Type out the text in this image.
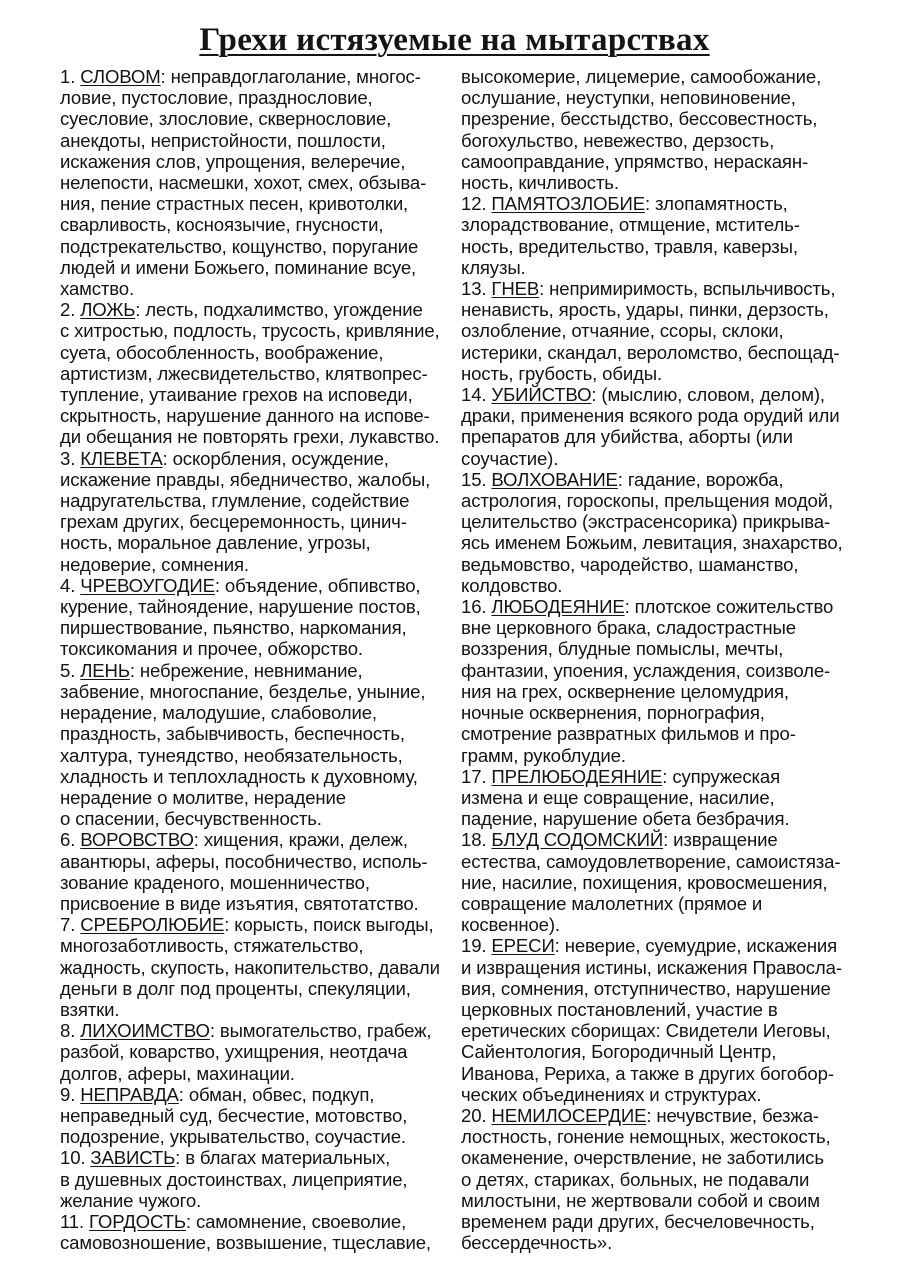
Грехи истязуемые на мытарствах
1. СЛОВОМ: неправдоглаголание, многос-
ловие, пустословие, празднословие,
суесловие, злословие, сквернословие,
анекдоты, непристойности, пошлости,
искажения слов, упрощения, велеречие,
нелепости, насмешки, хохот, смех, обзыва-
ния, пение страстных песен, кривотолки,
сварливость, косноязычие, гнусности,
подстрекательство, кощунство, поругание
людей и имени Божьего, поминание всуе,
хамство.
2. ЛОЖЬ: лесть, подхалимство, угождение
с хитростью, подлость, трусость, кривляние,
суета, обособленность, воображение,
артистизм, лжесвидетельство, клятвопрес-
тупление, утаивание грехов на исповеди,
скрытность, нарушение данного на испове-
ди обещания не повторять грехи, лукавство.
3. КЛЕВЕТА: оскорбления, осуждение,
искажение правды, ябедничество, жалобы,
надругательства, глумление, содействие
грехам других, бесцеремонность, цинич-
ность, моральное давление, угрозы,
недоверие, сомнения.
4. ЧРЕВОУГОДИЕ: объядение, обпивство,
курение, тайноядение, нарушение постов,
пиршествование, пьянство, наркомания,
токсикомания и прочее, обжорство.
5. ЛЕНЬ: небрежение, невнимание,
забвение, многоспание, безделье, уныние,
нерадение, малодушие, слабоволие,
праздность, забывчивость, беспечность,
халтура, тунеядство, необязательность,
хладность и теплохладность к духовному,
нерадение о молитве, нерадение
о спасении, бесчувственность.
6. ВОРОВСТВО: хищения, кражи, дележ,
авантюры, аферы, пособничество, исполь-
зование краденого, мошенничество,
присвоение в виде изъятия, святотатство.
7. СРЕБРОЛЮБИЕ: корысть, поиск выгоды,
многозаботливость, стяжательство,
жадность, скупость, накопительство, давали
деньги в долг под проценты, спекуляции,
взятки.
8. ЛИХОИМСТВО: вымогательство, грабеж,
разбой, коварство, ухищрения, неотдача
долгов, аферы, махинации.
9. НЕПРАВДА: обман, обвес, подкуп,
неправедный суд, бесчестие, мотовство,
подозрение, укрывательство, соучастие.
10. ЗАВИСТЬ: в благах материальных,
в душевных достоинствах, лицеприятие,
желание чужого.
11. ГОРДОСТЬ: самомнение, своеволие,
самовозношение, возвышение, тщеславие,
высокомерие, лицемерие, самообожание,
ослушание, неуступки, неповиновение,
презрение, бесстыдство, бессовестность,
богохульство, невежество, дерзость,
самооправдание, упрямство, нераскаян-
ность, кичливость.
12. ПАМЯТОЗЛОБИЕ: злопамятность,
злорадствование, отмщение, мститель-
ность, вредительство, травля, каверзы,
кляузы.
13. ГНЕВ: непримиримость, вспыльчивость,
ненависть, ярость, удары, пинки, дерзость,
озлобление, отчаяние, ссоры, склоки,
истерики, скандал, вероломство, беспощад-
ность, грубость, обиды.
14. УБИЙСТВО: (мыслию, словом, делом),
драки, применения всякого рода орудий или
препаратов для убийства, аборты (или
соучастие).
15. ВОЛХОВАНИЕ: гадание, ворожба,
астрология, гороскопы, прельщения модой,
целительство (экстрасенсорика) прикрыва-
ясь именем Божьим, левитация, знахарство,
ведьмовство, чародейство, шаманство,
колдовство.
16. ЛЮБОДЕЯНИЕ: плотское сожительство
вне церковного брака, сладострастные
воззрения, блудные помыслы, мечты,
фантазии, упоения, услаждения, соизволе-
ния на грех, осквернение целомудрия,
ночные осквернения, порнография,
смотрение развратных фильмов и про-
грамм, рукоблудие.
17. ПРЕЛЮБОДЕЯНИЕ: супружеская
измена и еще совращение, насилие,
падение, нарушение обета безбрачия.
18. БЛУД СОДОМСКИЙ: извращение
естества, самоудовлетворение, самоистяза-
ние, насилие, похищения, кровосмешения,
совращение малолетних (прямое и
косвенное).
19. ЕРЕСИ: неверие, суемудрие, искажения
и извращения истины, искажения Правосла-
вия, сомнения, отступничество, нарушение
церковных постановлений, участие в
еретических сборищах: Свидетели Иеговы,
Сайентология, Богородичный Центр,
Иванова, Рериха, а также в других богобор-
ческих объединениях и структурах.
20. НЕМИЛОСЕРДИЕ: нечувствие, безжа-
лостность, гонение немощных, жестокость,
окаменение, очерствление, не заботились
о детях, стариках, больных, не подавали
милостыни, не жертвовали собой и своим
временем ради других, бесчеловечность,
бессердечность».
